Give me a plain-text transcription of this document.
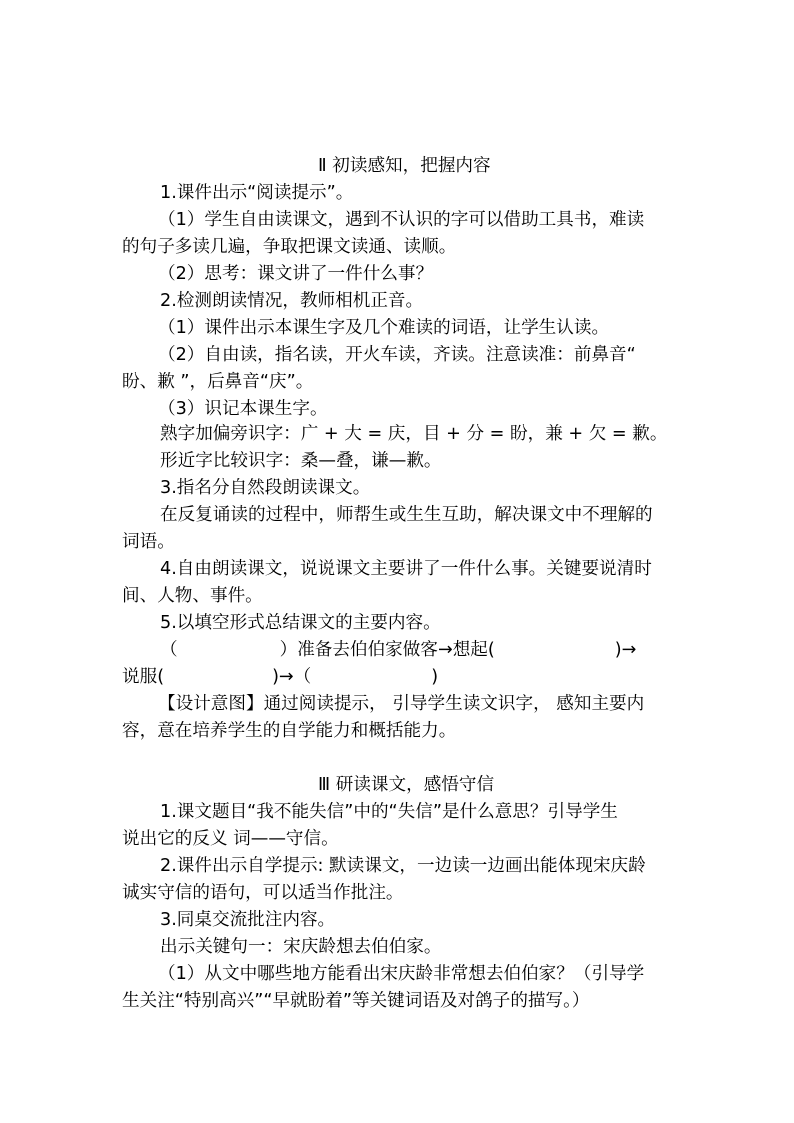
Ⅱ 初读感知，把握内容
1.课件出示“阅读提示”。
（1）学生自由读课文，遇到不认识的字可以借助工具书，难读
的句子多读几遍，争取把课文读通、读顺。
（2）思考：课文讲了一件什么事？
2.检测朗读情况，教师相机正音。
（1）课件出示本课生字及几个难读的词语，让学生认读。
（2）自由读，指名读，开火车读，齐读。注意读准：前鼻音“
盼、歉 ”，后鼻音“庆”。
（3）识记本课生字。
熟字加偏旁识字：广 + 大 = 庆，目 + 分 = 盼，兼 + 欠 = 歉。
形近字比较识字：桑—叠，谦—歉。
3.指名分自然段朗读课文。
在反复诵读的过程中，师帮生或生生互助，解决课文中不理解的
词语。
4.自由朗读课文，说说课文主要讲了一件什么事。关键要说清时
间、人物、事件。
5.以填空形式总结课文的主要内容。
（	）准备去伯伯家做客→想起(	)→
说服(	)→（	)
【设计意图】通过阅读提示， 引导学生读文识字， 感知主要内
容，意在培养学生的自学能力和概括能力。
Ⅲ 研读课文，感悟守信
1.课文题目“我不能失信”中的“失信”是什么意思？引导学生
说出它的反义 词——守信。
2.课件出示自学提示: 默读课文，一边读一边画出能体现宋庆龄
诚实守信的语句，可以适当作批注。
3.同桌交流批注内容。
出示关键句一：宋庆龄想去伯伯家。
（1）从文中哪些地方能看出宋庆龄非常想去伯伯家？（引导学
生关注“特别高兴”“早就盼着”等关键词语及对鸽子的描写。）
